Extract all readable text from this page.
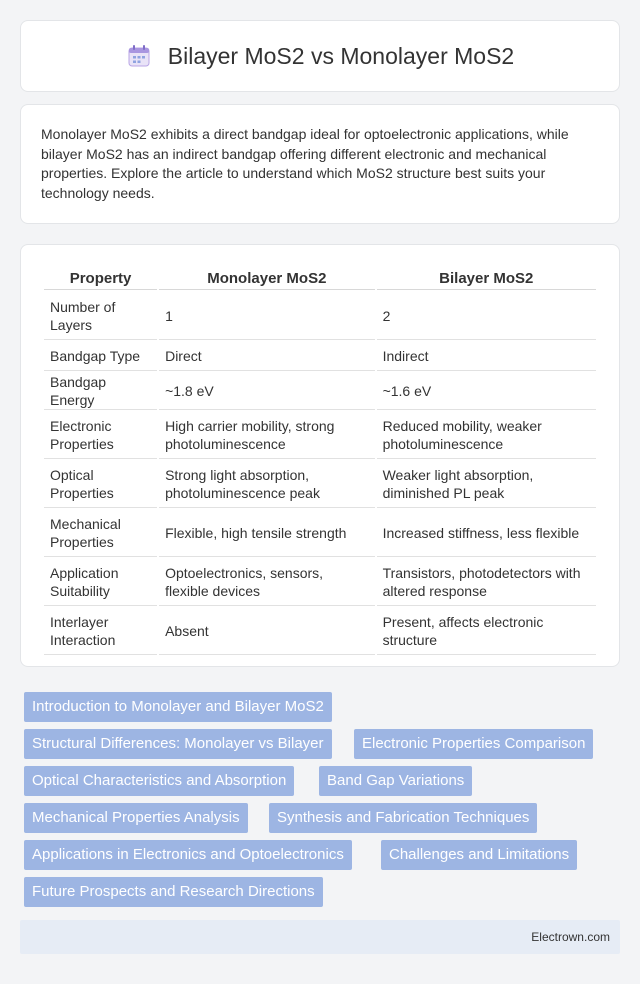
Bilayer MoS2 vs Monolayer MoS2

Monolayer MoS2 exhibits a direct bandgap ideal for optoelectronic applications, while bilayer MoS2 has an indirect bandgap offering different electronic and mechanical properties. Explore the article to understand which MoS2 structure best suits your technology needs.

Property	Monolayer MoS2	Bilayer MoS2
Number of Layers	1	2
Bandgap Type	Direct	Indirect
Bandgap Energy	~1.8 eV	~1.6 eV
Electronic Properties	High carrier mobility, strong photoluminescence	Reduced mobility, weaker photoluminescence
Optical Properties	Strong light absorption, photoluminescence peak	Weaker light absorption, diminished PL peak
Mechanical Properties	Flexible, high tensile strength	Increased stiffness, less flexible
Application Suitability	Optoelectronics, sensors, flexible devices	Transistors, photodetectors with altered response
Interlayer Interaction	Absent	Present, affects electronic structure
Introduction to Monolayer and Bilayer MoS2
Structural Differences: Monolayer vs Bilayer	Electronic Properties Comparison
Optical Characteristics and Absorption	Band Gap Variations
Mechanical Properties Analysis	Synthesis and Fabrication Techniques
Applications in Electronics and Optoelectronics	Challenges and Limitations
Future Prospects and Research Directions
Electrown.com
